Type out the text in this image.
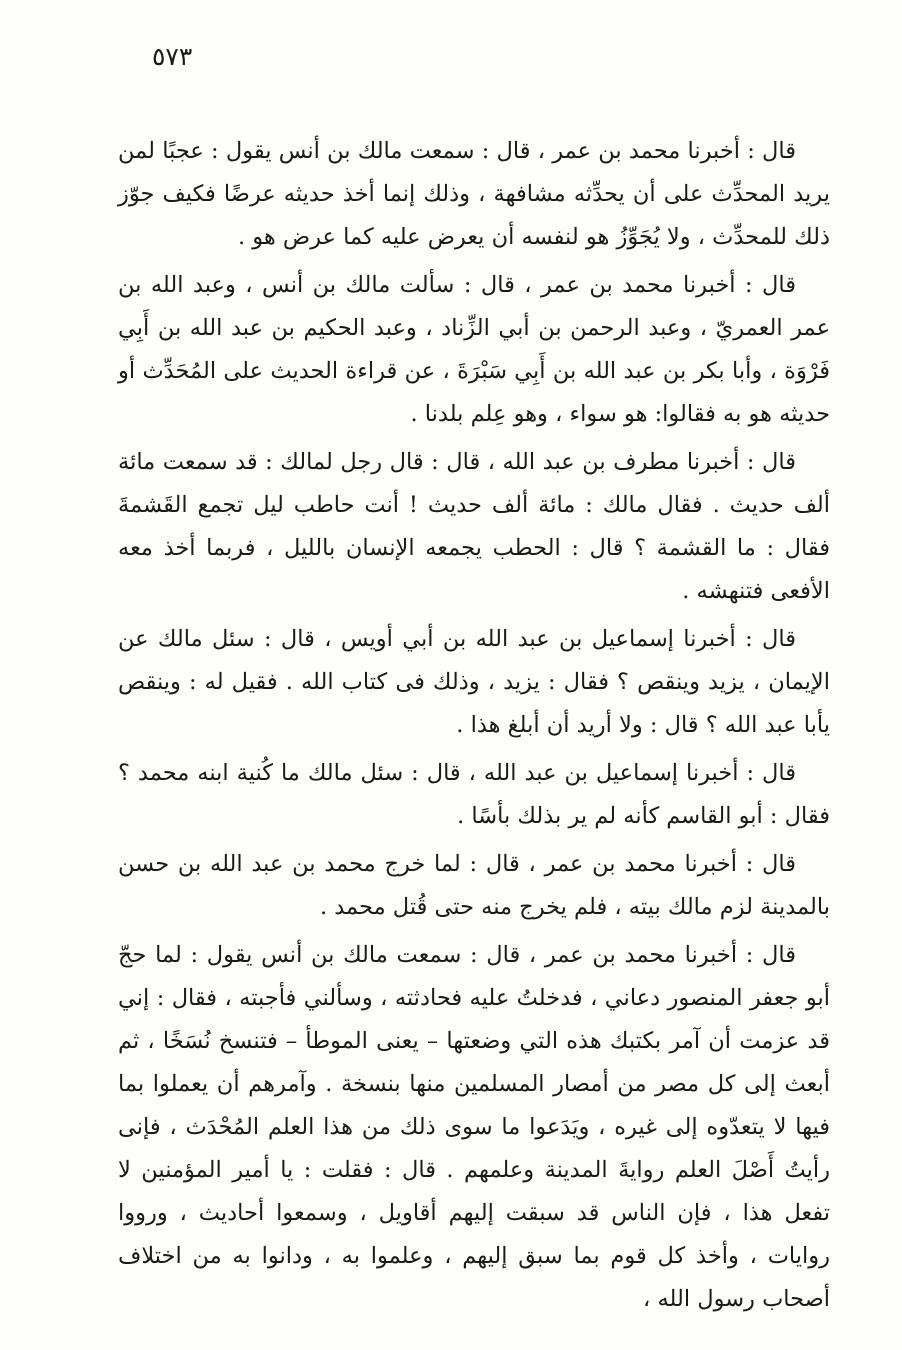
٥٧٣

قال : أخبرنا محمد بن عمر ، قال : سمعت مالك بن أنس يقول : عجبًا لمن يريد المحدِّث على أن يحدِّثه مشافهة ، وذلك إنما أخذ حديثه عرضًا فكيف جوّز ذلك للمحدِّث ، ولا يُجَوِّزُ هو لنفسه أن يعرض عليه كما عرض هو .

قال : أخبرنا محمد بن عمر ، قال : سألت مالك بن أنس ، وعبد الله بن عمر العمريّ ، وعبد الرحمن بن أبي الزِّناد ، وعبد الحكيم بن عبد الله بن أَبِي فَرْوَة ، وأبا بكر بن عبد الله بن أَبِي سَبْرَةَ ، عن قراءة الحديث على المُحَدِّث أو حديثه هو به فقالوا: هو سواء ، وهو عِلم بلدنا .

قال : أخبرنا مطرف بن عبد الله ، قال : قال رجل لمالك : قد سمعت مائة ألف حديث . فقال مالك : مائة ألف حديث ! أنت حاطب ليل تجمع القَشمةَ فقال : ما القشمة ؟ قال : الحطب يجمعه الإنسان بالليل ، فربما أخذ معه الأفعى فتنهشه .

قال : أخبرنا إسماعيل بن عبد الله بن أبي أويس ، قال : سئل مالك عن الإيمان ، يزيد وينقص ؟ فقال : يزيد ، وذلك فى كتاب الله . فقيل له : وينقص يأبا عبد الله ؟ قال : ولا أريد أن أبلغ هذا .

قال : أخبرنا إسماعيل بن عبد الله ، قال : سئل مالك ما كُنية ابنه محمد ؟ فقال : أبو القاسم كأنه لم ير بذلك بأسًا .

قال : أخبرنا محمد بن عمر ، قال : لما خرج محمد بن عبد الله بن حسن بالمدينة لزم مالك بيته ، فلم يخرج منه حتى قُتل محمد .

قال : أخبرنا محمد بن عمر ، قال : سمعت مالك بن أنس يقول : لما حجّ أبو جعفر المنصور دعاني ، فدخلتُ عليه فحادثته ، وسألني فأجبته ، فقال : إني قد عزمت أن آمر بكتبك هذه التي وضعتها – يعنى الموطأ – فتنسخ نُسَخًا ، ثم أبعث إلى كل مصر من أمصار المسلمين منها بنسخة . وآمرهم أن يعملوا بما فيها لا يتعدّوه إلى غيره ، ويَدَعوا ما سوى ذلك من هذا العلم المُحْدَث ، فإنى رأيتُ أَصْلَ العلم روايةَ المدينة وعلمهم . قال : فقلت : يا أمير المؤمنين لا تفعل هذا ، فإن الناس قد سبقت إليهم أقاويل ، وسمعوا أحاديث ، ورووا روايات ، وأخذ كل قوم بما سبق إليهم ، وعلموا به ، ودانوا به من اختلاف أصحاب رسول الله ،
